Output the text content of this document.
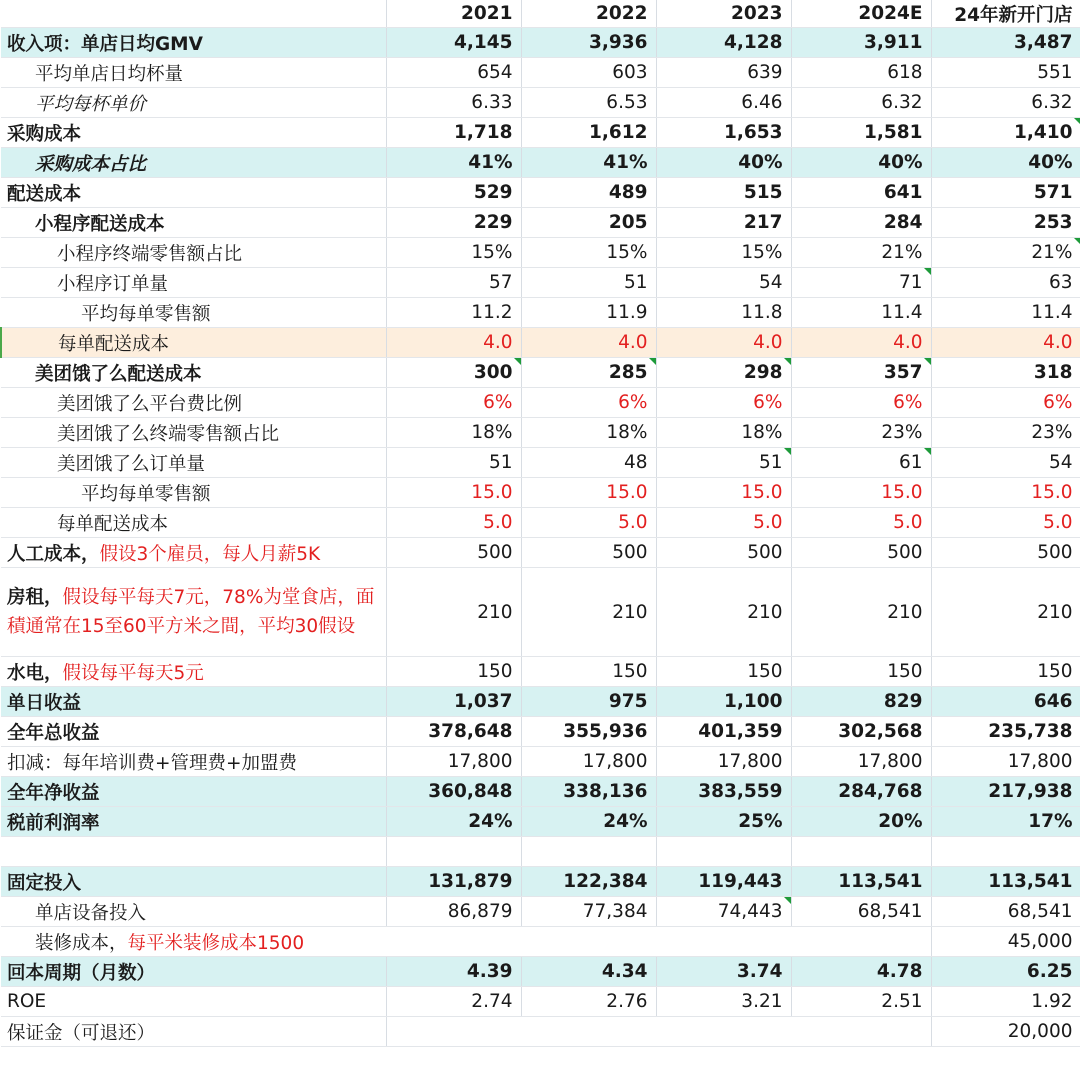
	2021	2022	2023	2024E	24年新开门店
收入项：单店日均GMV	4,145	3,936	4,128	3,911	3,487
平均单店日均杯量	654	603	639	618	551
平均每杯单价	6.33	6.53	6.46	6.32	6.32
采购成本	1,718	1,612	1,653	1,581	1,410

采购成本占比	41%	41%	40%	40%	40%
配送成本	529	489	515	641	571
小程序配送成本	229	205	217	284	253
小程序终端零售额占比	15%	15%	15%	21%	21%

小程序订单量	57	51	54	71	63
平均每单零售额	11.2	11.9	11.8	11.4	11.4
每单配送成本	4.0	4.0	4.0	4.0	4.0
美团饿了么配送成本	300	285	298	357	318
美团饿了么平台费比例	6%	6%	6%	6%	6%
美团饿了么终端零售额占比	18%	18%	18%	23%	23%
美团饿了么订单量	51	48	51	61	54
平均每单零售额	15.0	15.0	15.0	15.0	15.0
每单配送成本	5.0	5.0	5.0	5.0	5.0
人工成本，假设3个雇员，每人月薪5K	500	500	500	500	500
房租，假设每平每天7元，78%为堂食店，面積通常在15至60平方米之間，平均30假设	210	210	210	210	210
水电，假设每平每天5元	150	150	150	150	150
单日收益	1,037	975	1,100	829	646
全年总收益	378,648	355,936	401,359	302,568	235,738
扣减：每年培训费+管理费+加盟费	17,800	17,800	17,800	17,800	17,800
全年净收益	360,848	338,136	383,559	284,768	217,938
税前利润率	24%	24%	25%	20%	17%

固定投入	131,879	122,384	119,443	113,541	113,541
单店设备投入	86,879	77,384	74,443	68,541	68,541
装修成本，每平米装修成本1500					45,000
回本周期（月数）	4.39	4.34	3.74	4.78	6.25
ROE	2.74	2.76	3.21	2.51	1.92
保证金（可退还）					20,000
